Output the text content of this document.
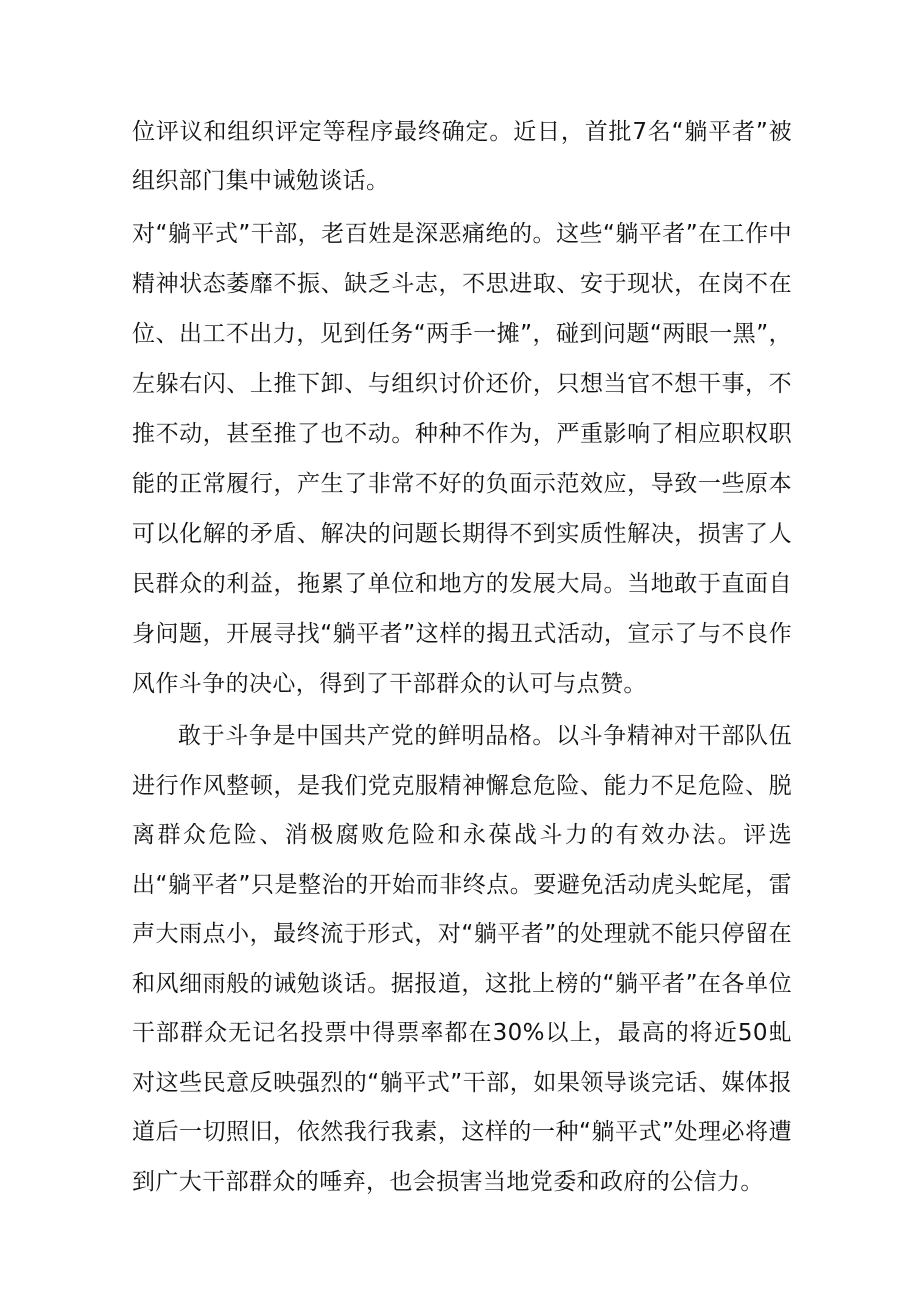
位评议和组织评定等程序最终确定。近日，首批7名“躺平者”被组织部门集中诫勉谈话。

对“躺平式”干部，老百姓是深恶痛绝的。这些“躺平者”在工作中精神状态萎靡不振、缺乏斗志，不思进取、安于现状，在岗不在位、出工不出力，见到任务“两手一摊”，碰到问题“两眼一黑”，左躲右闪、上推下卸、与组织讨价还价，只想当官不想干事，不推不动，甚至推了也不动。种种不作为，严重影响了相应职权职能的正常履行，产生了非常不好的负面示范效应，导致一些原本可以化解的矛盾、解决的问题长期得不到实质性解决，损害了人民群众的利益，拖累了单位和地方的发展大局。当地敢于直面自身问题，开展寻找“躺平者”这样的揭丑式活动，宣示了与不良作风作斗争的决心，得到了干部群众的认可与点赞。

敢于斗争是中国共产党的鲜明品格。以斗争精神对干部队伍进行作风整顿，是我们党克服精神懈怠危险、能力不足危险、脱离群众危险、消极腐败危险和永葆战斗力的有效办法。评选出“躺平者”只是整治的开始而非终点。要避免活动虎头蛇尾，雷声大雨点小，最终流于形式，对“躺平者”的处理就不能只停留在和风细雨般的诫勉谈话。据报道，这批上榜的“躺平者”在各单位干部群众无记名投票中得票率都在30%以上，最高的将近50虬对这些民意反映强烈的“躺平式”干部，如果领导谈完话、媒体报道后一切照旧，依然我行我素，这样的一种“躺平式”处理必将遭到广大干部群众的唾弃，也会损害当地党委和政府的公信力。
